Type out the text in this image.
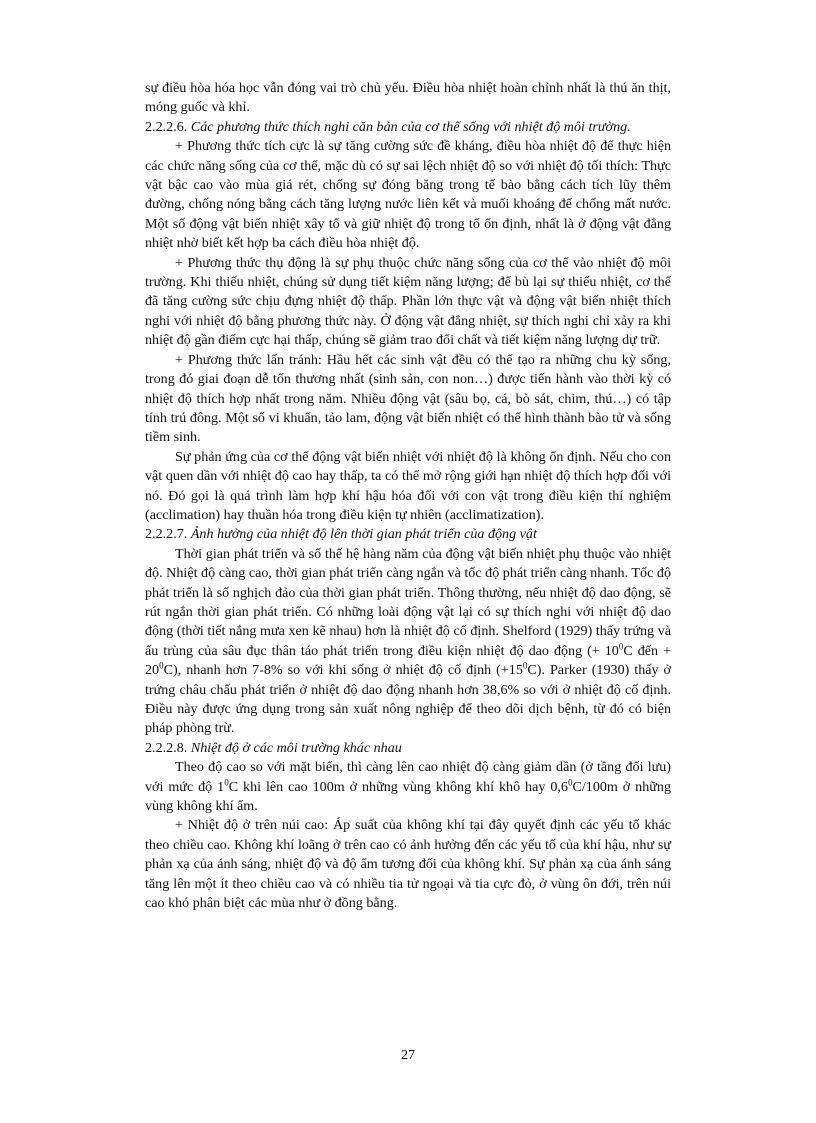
sự điều hòa hóa học vẫn đóng vai trò chủ yếu. Điều hòa nhiệt hoàn chỉnh nhất là thú ăn thịt, móng guốc và khỉ.

2.2.2.6. Các phương thức thích nghi căn bản của cơ thể sống với nhiệt độ môi trường.

+ Phương thức tích cực là sự tăng cường sức đề kháng, điều hòa nhiệt độ để thực hiện các chức năng sống của cơ thể, mặc dù có sự sai lệch nhiệt độ so với nhiệt độ tối thích: Thực vật bậc cao vào mùa giá rét, chống sự đóng băng trong tế bào bằng cách tích lũy thêm đường, chống nóng bằng cách tăng lượng nước liên kết và muối khoáng để chống mất nước. Một số động vật biến nhiệt xây tổ và giữ nhiệt độ trong tổ ổn định, nhất là ở động vật đẳng nhiệt nhờ biết kết hợp ba cách điều hòa nhiệt độ.

+ Phương thức thụ động là sự phụ thuộc chức năng sống của cơ thể vào nhiệt độ môi trường. Khi thiếu nhiệt, chúng sử dụng tiết kiệm năng lượng; để bù lại sự thiếu nhiệt, cơ thể đã tăng cường sức chịu đựng nhiệt độ thấp. Phần lớn thực vật và động vật biến nhiệt thích nghi với nhiệt độ bằng phương thức này. Ở động vật đẳng nhiệt, sự thích nghi chỉ xảy ra khi nhiệt độ gần điểm cực hại thấp, chúng sẽ giảm trao đổi chất và tiết kiệm năng lượng dự trữ.

+ Phương thức lẩn tránh: Hầu hết các sinh vật đều có thể tạo ra những chu kỳ sống, trong đó giai đoạn dễ tổn thương nhất (sinh sản, con non…) được tiến hành vào thời kỳ có nhiệt độ thích hợp nhất trong năm. Nhiều động vật (sâu bọ, cá, bò sát, chim, thú…) có tập tính trú đông. Một số vi khuẩn, tảo lam, động vật biến nhiệt có thể hình thành bào tử và sống tiềm sinh.

Sự phản ứng của cơ thể động vật biến nhiệt với nhiệt độ là không ổn định. Nếu cho con vật quen dần với nhiệt độ cao hay thấp, ta có thể mở rộng giới hạn nhiệt độ thích hợp đối với nó. Đó gọi là quá trình làm hợp khí hậu hóa đối với con vật trong điều kiện thí nghiệm (acclimation) hay thuần hóa trong điều kiện tự nhiên (acclimatization).

2.2.2.7. Ảnh hưởng của nhiệt độ lên thời gian phát triển của động vật

Thời gian phát triển và số thế hệ hàng năm của động vật biến nhiệt phụ thuộc vào nhiệt độ. Nhiệt độ càng cao, thời gian phát triển càng ngắn và tốc độ phát triển càng nhanh. Tốc độ phát triển là số nghịch đảo của thời gian phát triển. Thông thường, nếu nhiệt độ dao động, sẽ rút ngắn thời gian phát triển. Có những loài động vật lại có sự thích nghi với nhiệt độ dao động (thời tiết nắng mưa xen kẽ nhau) hơn là nhiệt độ cố định. Shelford (1929) thấy trứng và ấu trùng của sâu đục thân táo phát triển trong điều kiện nhiệt độ dao động (+ $10^0C$ đến + $20^0C$), nhanh hơn 7-8% so với khi sống ở nhiệt độ cố định $(+15^0C)$. Parker (1930) thấy ở trứng châu chấu phát triển ở nhiệt độ dao động nhanh hơn 38,6% so với ở nhiệt độ cố định. Điều này được ứng dụng trong sản xuất nông nghiệp để theo dõi dịch bệnh, từ đó có biện pháp phòng trừ.

2.2.2.8. Nhiệt độ ở các môi trường khác nhau

Theo độ cao so với mặt biển, thì càng lên cao nhiệt độ càng giảm dần (ở tầng đối lưu) với mức độ $1^0C$ khi lên cao 100m ở những vùng không khí khô hay $0,6^0C/100m$ ở những vùng không khí ẩm.

+ Nhiệt độ ở trên núi cao: Áp suất của không khí tại đây quyết định các yếu tố khác theo chiều cao. Không khí loãng ở trên cao có ảnh hưởng đến các yếu tố của khí hậu, như sự phản xạ của ánh sáng, nhiệt độ và độ ẩm tương đối của không khí. Sự phản xạ của ánh sáng tăng lên một ít theo chiều cao và có nhiều tia tử ngoại và tia cực đỏ, ở vùng ôn đới, trên núi cao khó phân biệt các mùa như ở đồng bằng.

27
